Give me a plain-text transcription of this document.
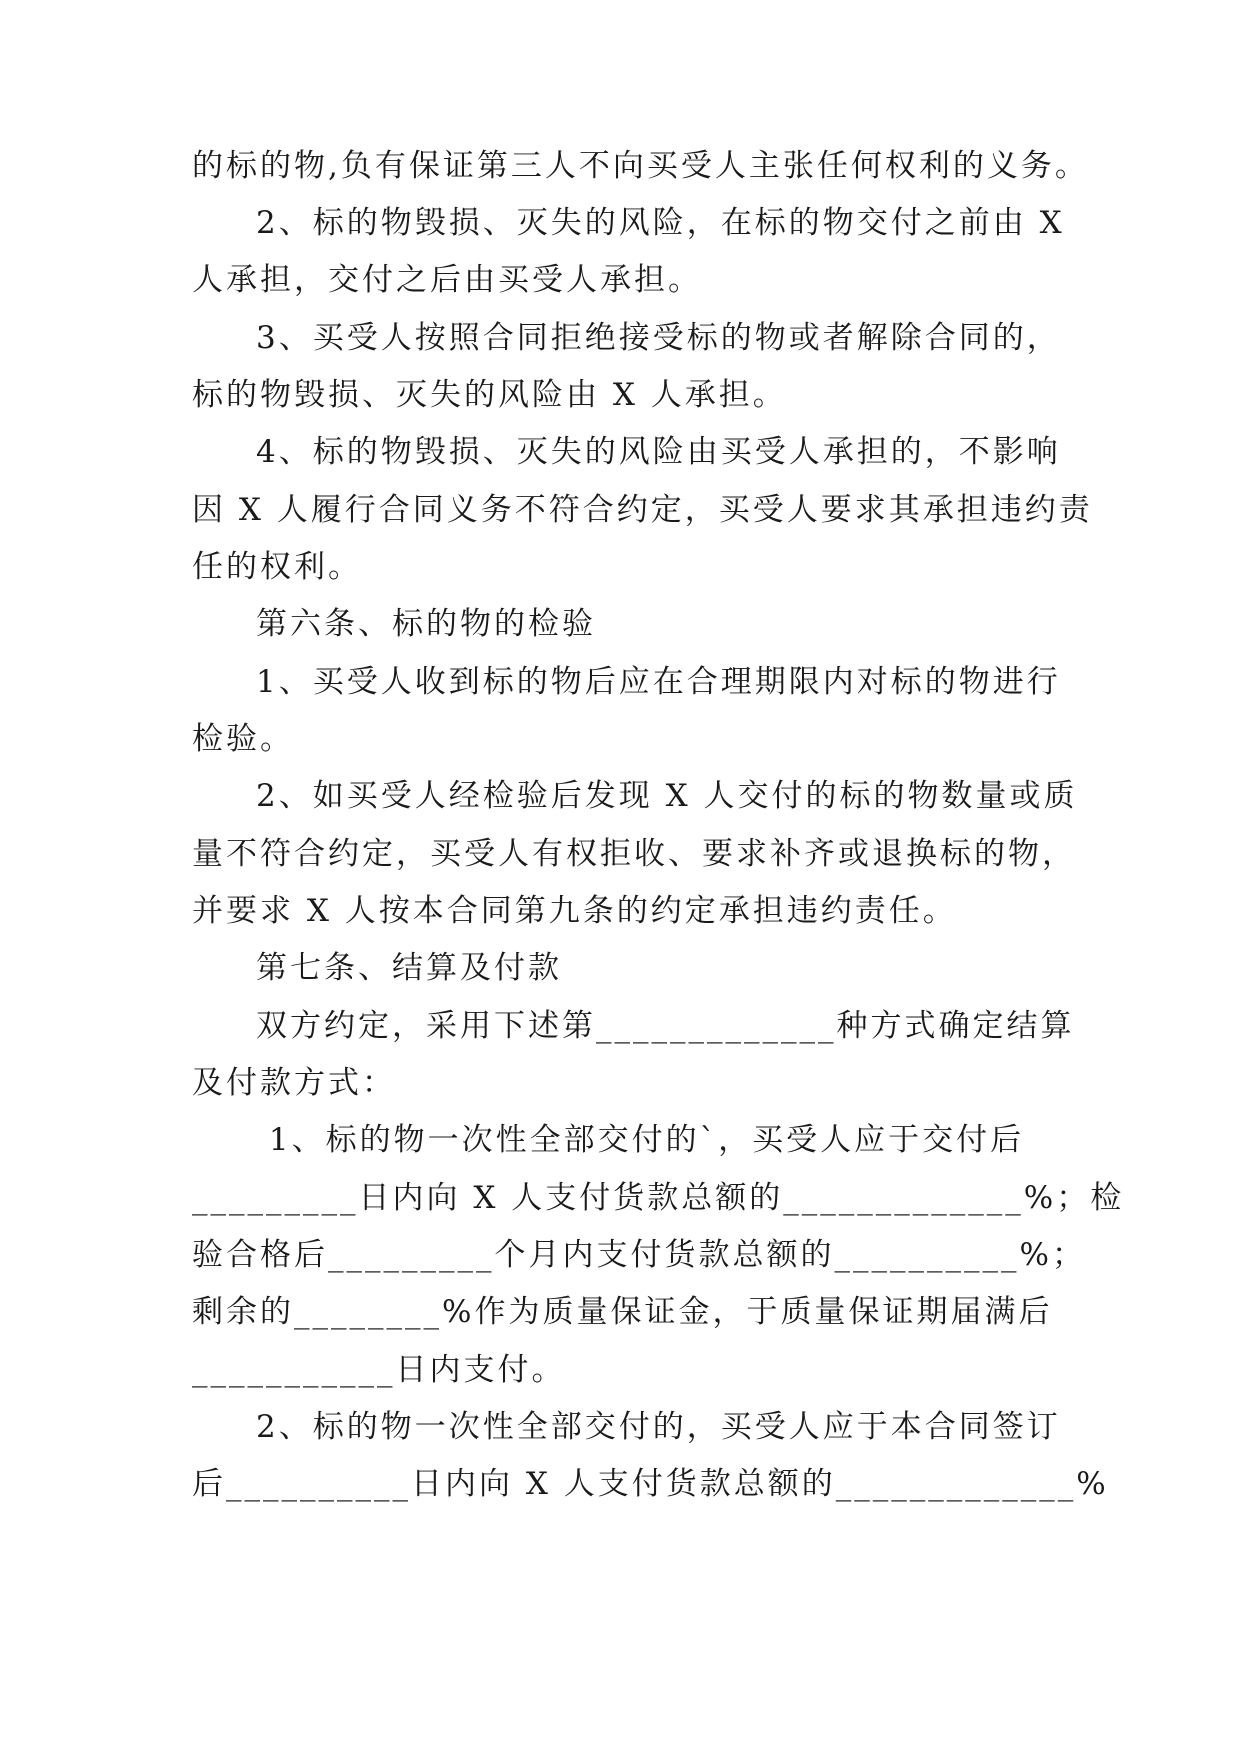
的标的物,负有保证第三人不向买受人主张任何权利的义务。
2、标的物毁损、灭失的风险，在标的物交付之前由 X
人承担，交付之后由买受人承担。
3、买受人按照合同拒绝接受标的物或者解除合同的，
标的物毁损、灭失的风险由 X 人承担。
4、标的物毁损、灭失的风险由买受人承担的，不影响
因 X 人履行合同义务不符合约定，买受人要求其承担违约责
任的权利。
第六条、标的物的检验
1、买受人收到标的物后应在合理期限内对标的物进行
检验。
2、如买受人经检验后发现 X 人交付的标的物数量或质
量不符合约定，买受人有权拒收、要求补齐或退换标的物，
并要求 X 人按本合同第九条的约定承担违约责任。
第七条、结算及付款
双方约定，采用下述第_____________种方式确定结算
及付款方式：
1、标的物一次性全部交付的`，买受人应于交付后
_________日内向 X 人支付货款总额的_____________%；检
验合格后_________个月内支付货款总额的__________%；
剩余的________%作为质量保证金，于质量保证期届满后
___________日内支付。
2、标的物一次性全部交付的，买受人应于本合同签订
后__________日内向 X 人支付货款总额的_____________%
